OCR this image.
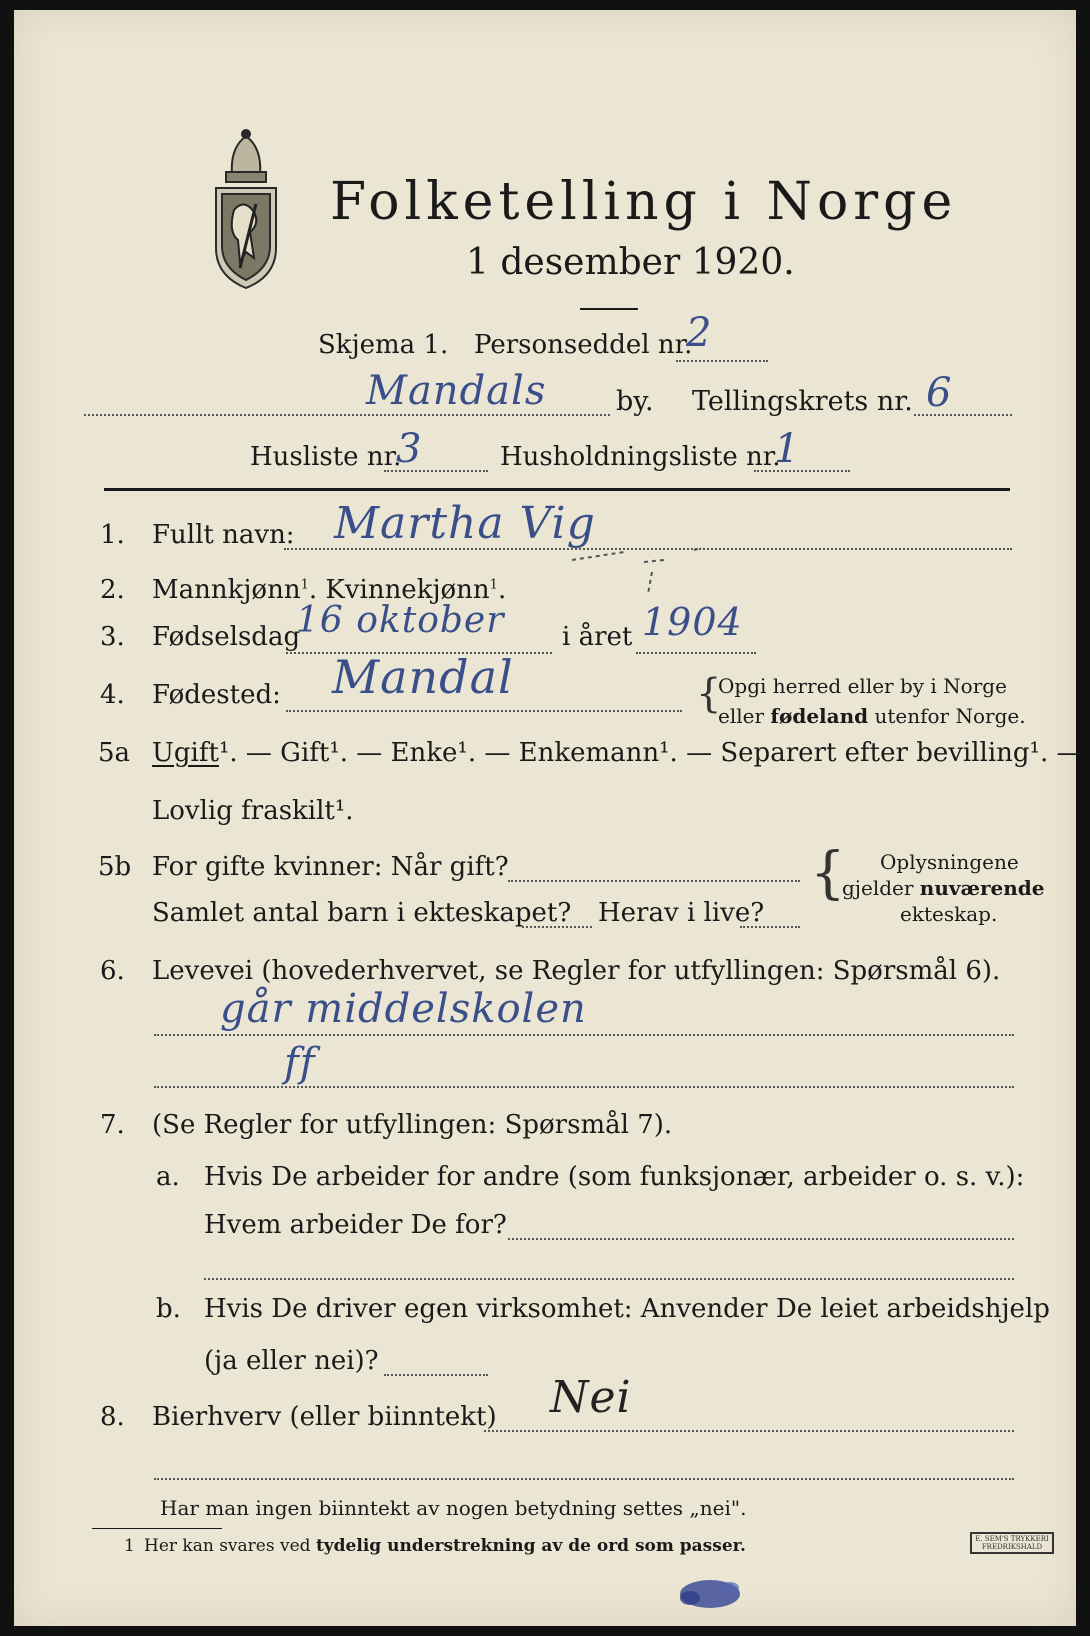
Folketelling i Norge
1 desember 1920.
Skjema 1. Personseddel nr.
2
Mandals	by. Tellingskrets nr. 6
Husliste nr.
3	Husholdningsliste nr.
1
1. Fullt navn: Martha Vig
2. Mannkjønn$^1$. Kvinnekjønn$^1$.
3. Fødselsdag
16 oktober i året 1904
4. Fødested: Mandal	{
Opgi herred eller by i Norge
eller fødeland utenfor Norge.
5a Ugift¹. — Gift¹. — Enke¹. — Enkemann¹. — Separert efter bevilling¹. —
Lovlig fraskilt¹.
5b For gifte kvinner: Når gift?
Samlet antal barn i ekteskapet? Herav i live?
{ Oplysningene
gjelder nuværende
ekteskap.
6. Levevei (hovederhvervet, se Regler for utfyllingen: Spørsmål 6).
går middelskolen
ff
7. (Se Regler for utfyllingen: Spørsmål 7).
a. Hvis De arbeider for andre (som funksjonær, arbeider o. s. v.):
Hvem arbeider De for?
b. Hvis De driver egen virksomhet: Anvender De leiet arbeidshjelp
(ja eller nei)?
8. Bierhverv (eller biinntekt) Nei
Har man ingen biinntekt av nogen betydning settes „nei".
1 Her kan svares ved tydelig understrekning av de ord som passer.	E. SEM'S TRYKKERI FREDRIKSHALD
